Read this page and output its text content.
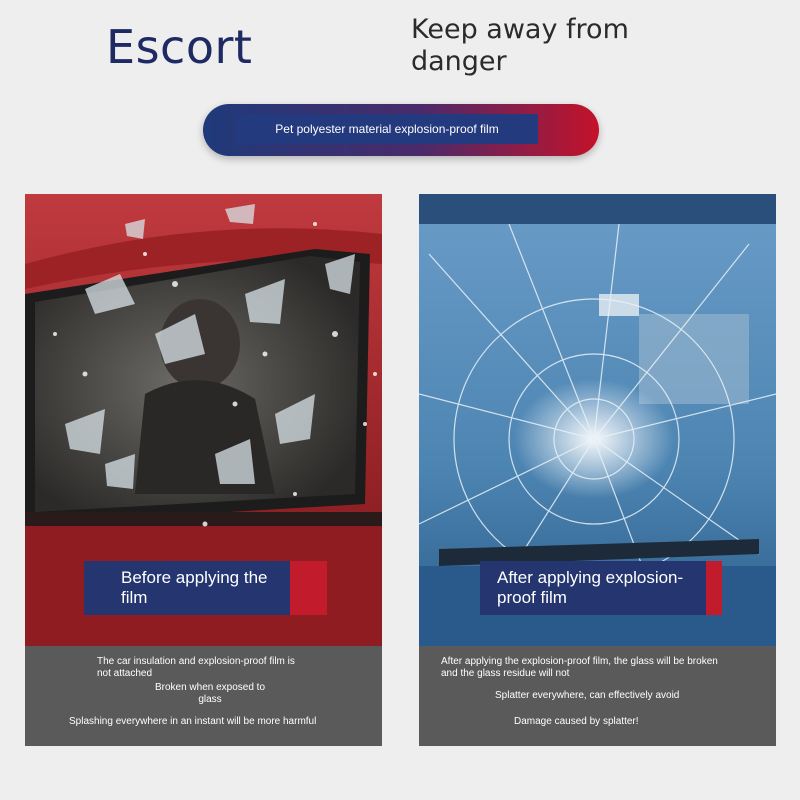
Escort	Keep away from danger
Pet polyester material explosion-proof film
Before applying the film
The car insulation and explosion-proof film is not attached
Broken when exposed to glass
Splashing everywhere in an instant will be more harmful
After applying explosion-proof film
After applying the explosion-proof film, the glass will be broken and the glass residue will not
Splatter everywhere, can effectively avoid
Damage caused by splatter!
